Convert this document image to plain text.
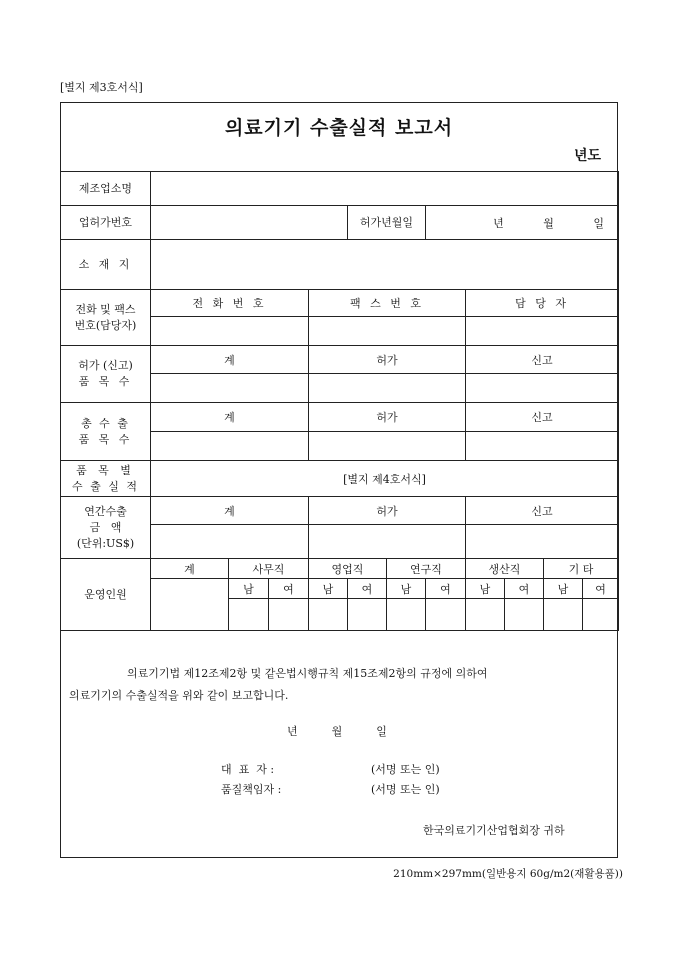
[별지 제3호서식]
의료기기 수출실적 보고서
년도
제조업소명											
업허가번호					허가년월일		년 월 일				
소 재 지											

전화 및 팩스
번호(담당자)	전 화 번 호			팩 스 번 호				담 당 자			

허가 (신고)
품 목 수	계			허가				신고			

총 수 출
품 목 수	계			허가				신고			

품 목 별
수 출 실 적	[별지 제4호서식]										

연간수출
금   액
(단위:US$)	계			허가				신고			

운영인원	계	사무직		영업직		연구직		생산직		기 타	
		남	여	남	여	남	여	남	여	남	여

의료기기법 제12조제2항 및 같은법시행규칙 제15조제2항의 규정에 의하여

의료기기의 수출실적을 위와 같이 보고합니다.

년	월	일

대  표  자 :	(서명 또는 인)

품질책임자 :	(서명 또는 인)

한국의료기기산업협회장 귀하

210mm×297mm(일반용지 60g/m2(재활용품))
